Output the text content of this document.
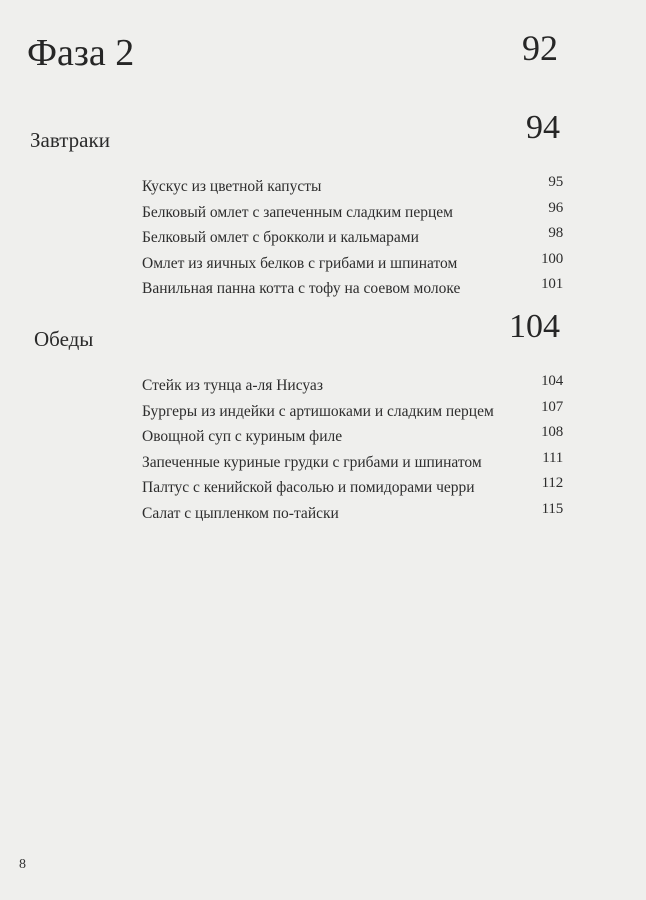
Фаза 2	92
Завтраки	94
Кускус из цветной капусты	95
Белковый омлет с запеченным сладким перцем	96
Белковый омлет с брокколи и кальмарами	98
Омлет из яичных белков с грибами и шпинатом	100
Ванильная панна котта с тофу на соевом молоке	101
Обеды	104
Стейк из тунца а-ля Нисуаз	104
Бургеры из индейки с артишоками и сладким перцем	107
Овощной суп с куриным филе	108
Запеченные куриные грудки с грибами и шпинатом	111
Палтус с кенийской фасолью и помидорами черри	112
Салат с цыпленком по-тайски	115
8
